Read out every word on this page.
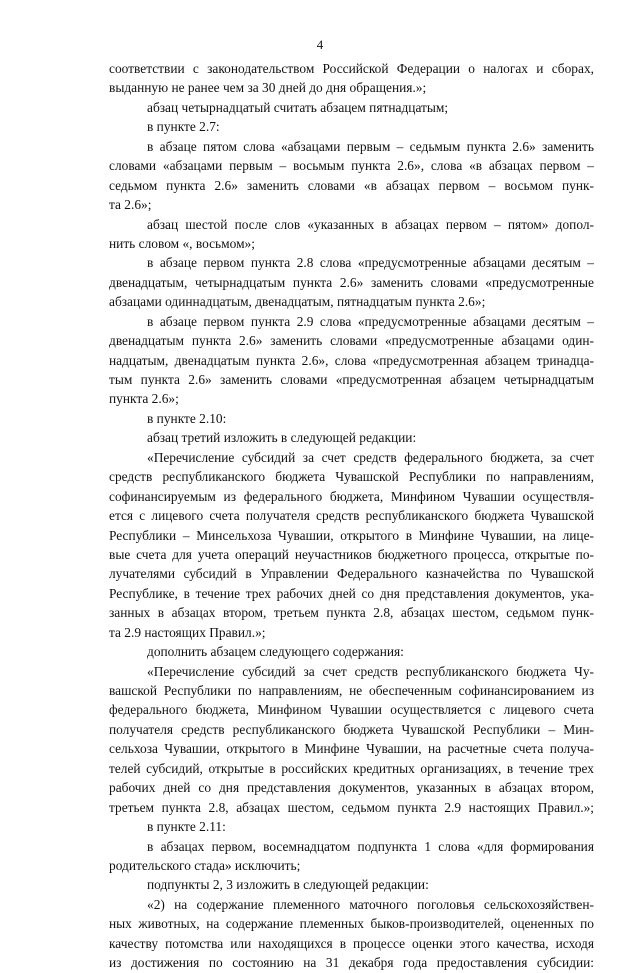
4
соответствии с законодательством Российской Федерации о налогах и сборах,
выданную не ранее чем за 30 дней до дня обращения.»;
абзац четырнадцатый считать абзацем пятнадцатым;
в пункте 2.7:
в абзаце пятом слова «абзацами первым – седьмым пункта 2.6» заменить
словами «абзацами первым – восьмым пункта 2.6», слова «в абзацах первом –
седьмом пункта 2.6» заменить словами «в абзацах первом – восьмом пунк-
та 2.6»;
абзац шестой после слов «указанных в абзацах первом – пятом» допол-
нить словом «, восьмом»;
в абзаце первом пункта 2.8 слова «предусмотренные абзацами десятым –
двенадцатым, четырнадцатым пункта 2.6» заменить словами «предусмотренные
абзацами одиннадцатым, двенадцатым, пятнадцатым пункта 2.6»;
в абзаце первом пункта 2.9 слова «предусмотренные абзацами десятым –
двенадцатым пункта 2.6» заменить словами «предусмотренные абзацами один-
надцатым, двенадцатым пункта 2.6», слова «предусмотренная абзацем тринадца-
тым пункта 2.6» заменить словами «предусмотренная абзацем четырнадцатым
пункта 2.6»;
в пункте 2.10:
абзац третий изложить в следующей редакции:
«Перечисление субсидий за счет средств федерального бюджета, за счет
средств республиканского бюджета Чувашской Республики по направлениям,
софинансируемым из федерального бюджета, Минфином Чувашии осуществля-
ется с лицевого счета получателя средств республиканского бюджета Чувашской
Республики – Минсельхоза Чувашии, открытого в Минфине Чувашии, на лице-
вые счета для учета операций неучастников бюджетного процесса, открытые по-
лучателями субсидий в Управлении Федерального казначейства по Чувашской
Республике, в течение трех рабочих дней со дня представления документов, ука-
занных в абзацах втором, третьем пункта 2.8, абзацах шестом, седьмом пунк-
та 2.9 настоящих Правил.»;
дополнить абзацем следующего содержания:
«Перечисление субсидий за счет средств республиканского бюджета Чу-
вашской Республики по направлениям, не обеспеченным софинансированием из
федерального бюджета, Минфином Чувашии осуществляется с лицевого счета
получателя средств республиканского бюджета Чувашской Республики – Мин-
сельхоза Чувашии, открытого в Минфине Чувашии, на расчетные счета получа-
телей субсидий, открытые в российских кредитных организациях, в течение трех
рабочих дней со дня представления документов, указанных в абзацах втором,
третьем пункта 2.8, абзацах шестом, седьмом пункта 2.9 настоящих Правил.»;
в пункте 2.11:
в абзацах первом, восемнадцатом подпункта 1 слова «для формирования
родительского стада» исключить;
подпункты 2, 3 изложить в следующей редакции:
«2) на содержание племенного маточного поголовья сельскохозяйствен-
ных животных, на содержание племенных быков-производителей, оцененных по
качеству потомства или находящихся в процессе оценки этого качества, исходя
из достижения по состоянию на 31 декабря года предоставления субсидии:
